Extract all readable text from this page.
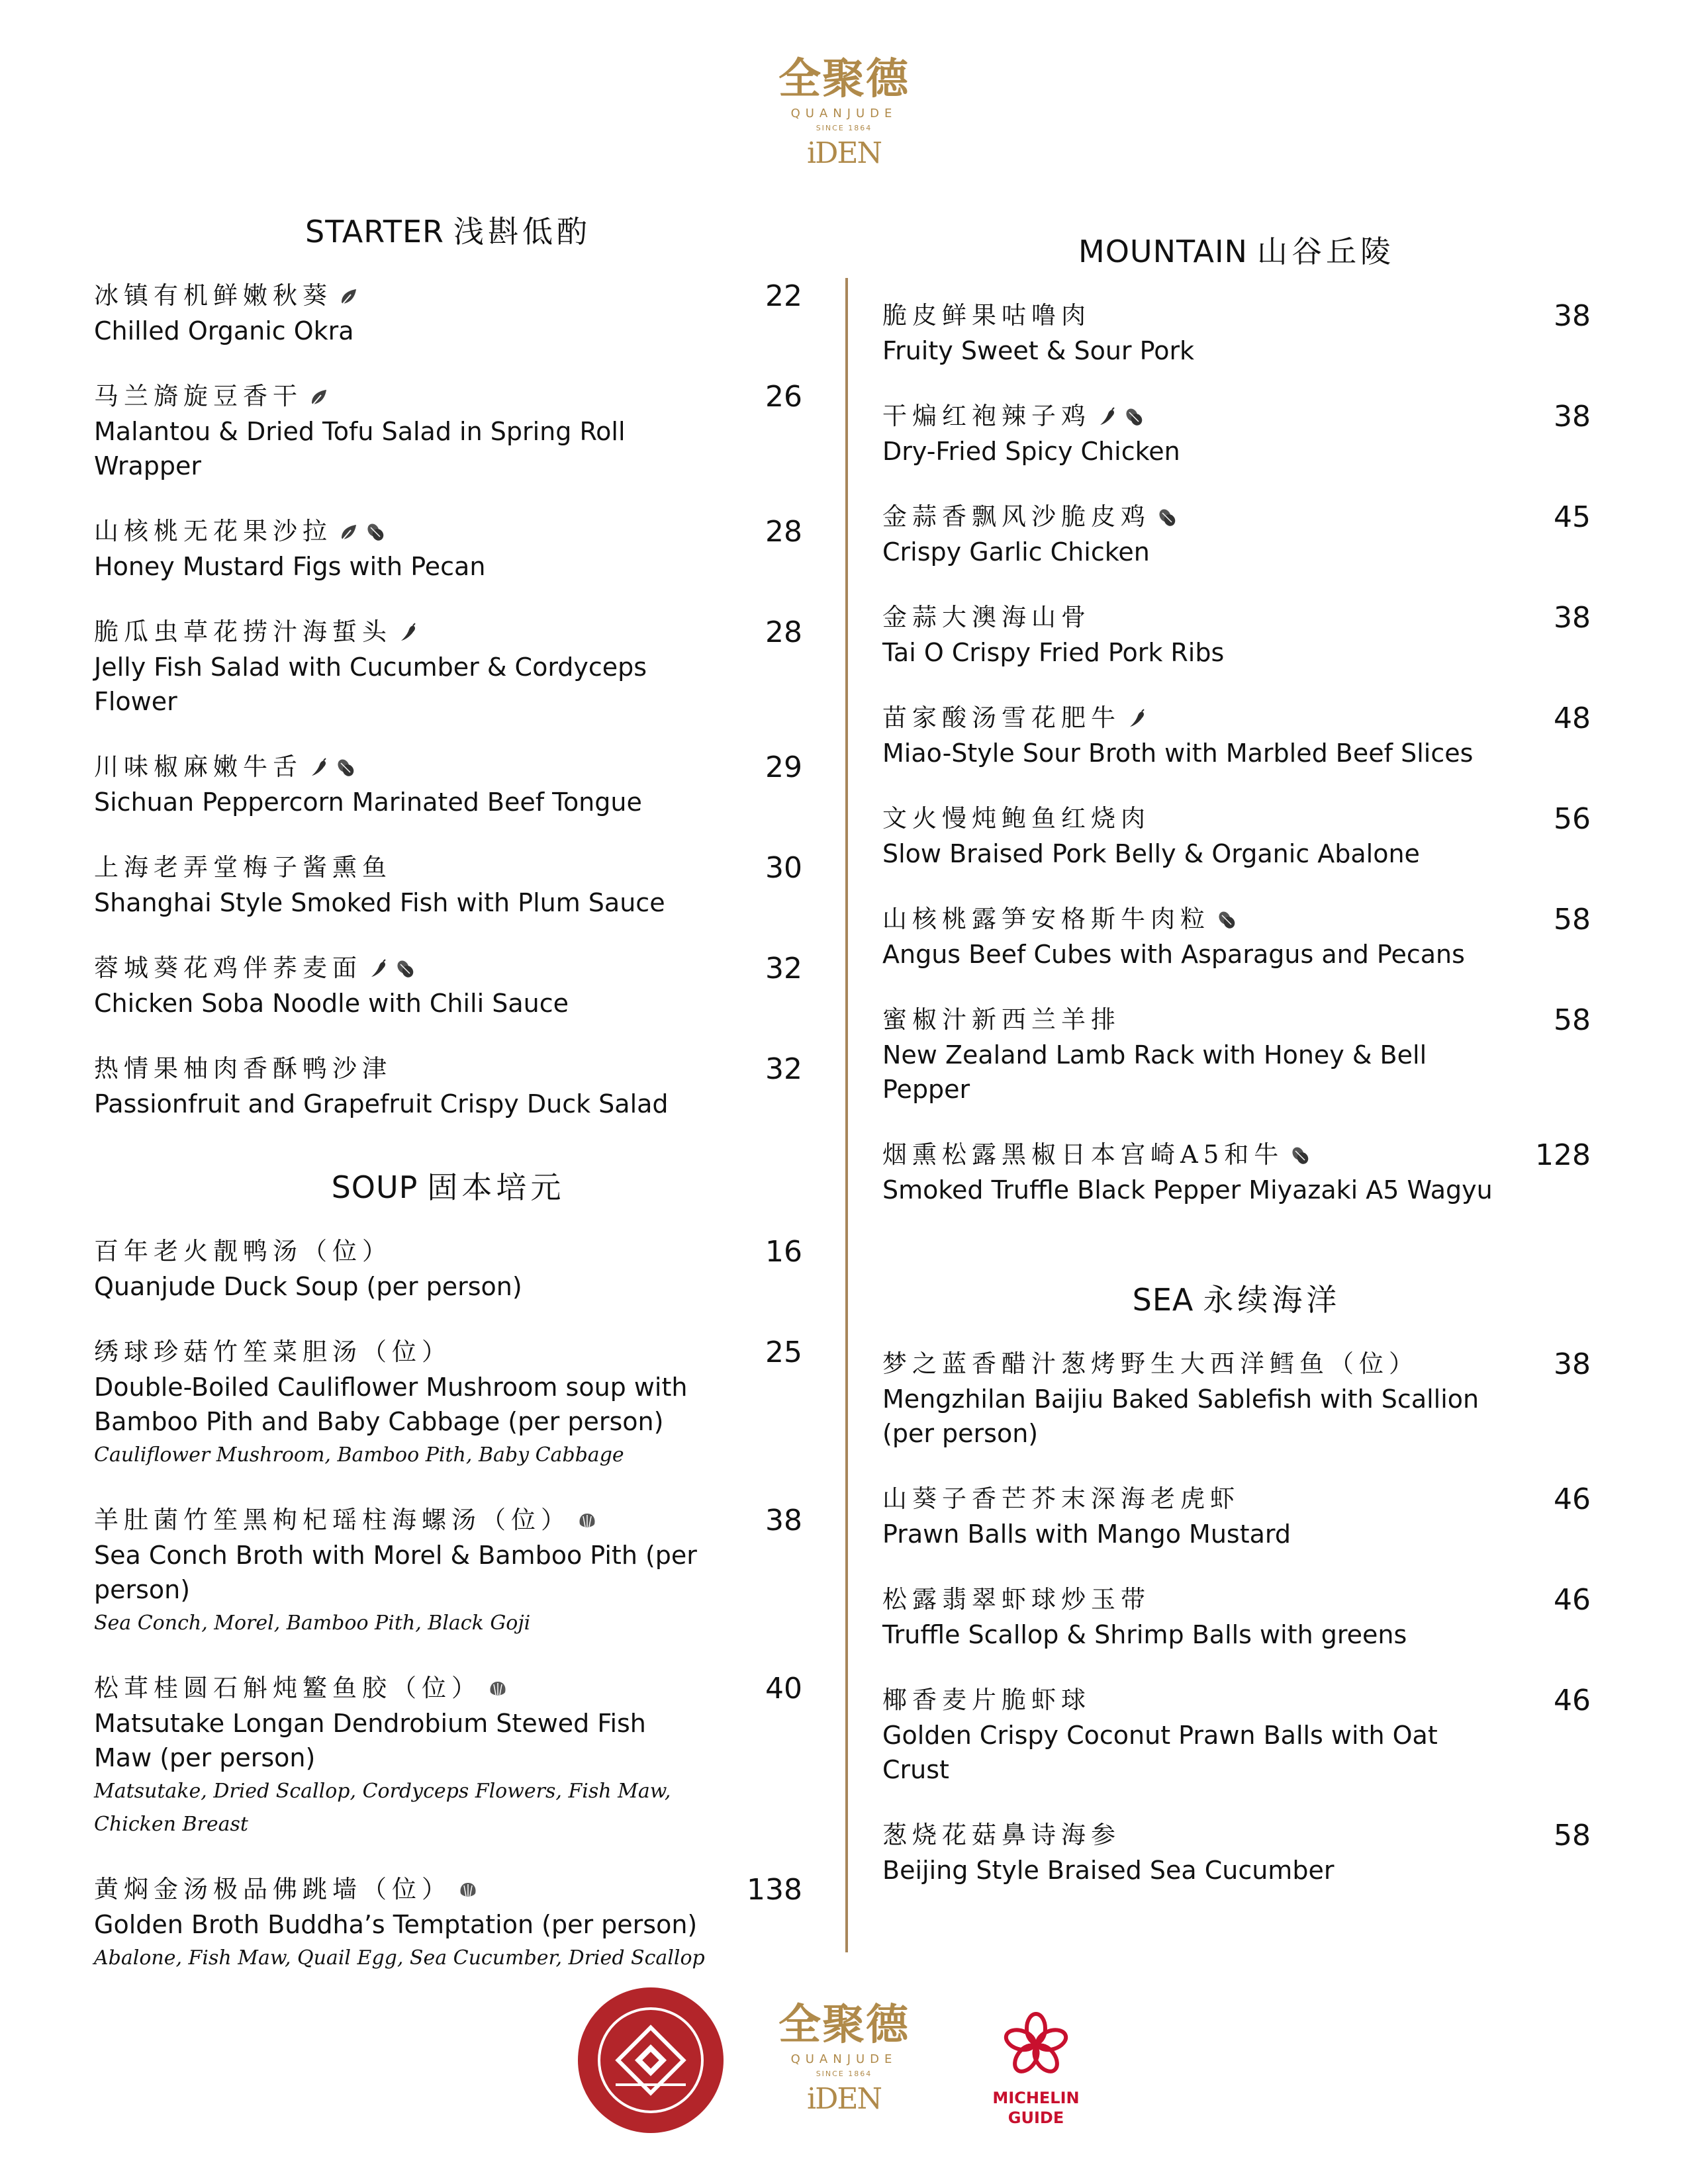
全聚德
QUANJUDE
SINCE 1864
iDEN
STARTER 浅斟低酌
冰镇有机鲜嫩秋葵
Chilled Organic Okra
22
马兰旖旋豆香干
Malantou & Dried Tofu Salad in Spring Roll Wrapper
26
山核桃无花果沙拉
Honey Mustard Figs with Pecan
28
脆瓜虫草花捞汁海蜇头
Jelly Fish Salad with Cucumber & Cordyceps Flower
28
川味椒麻嫩牛舌
Sichuan Peppercorn Marinated Beef Tongue
29
上海老弄堂梅子酱熏鱼
Shanghai Style Smoked Fish with Plum Sauce
30
蓉城葵花鸡伴荞麦面
Chicken Soba Noodle with Chili Sauce
32
热情果柚肉香酥鸭沙津
Passionfruit and Grapefruit Crispy Duck Salad
32
SOUP 固本培元
百年老火靓鸭汤（位）
Quanjude Duck Soup (per person)
16
绣球珍菇竹笙菜胆汤（位）
Double-Boiled Cauliflower Mushroom soup with Bamboo Pith and Baby Cabbage (per person)
Cauliflower Mushroom, Bamboo Pith, Baby Cabbage
25
羊肚菌竹笙黑枸杞瑶柱海螺汤（位）
Sea Conch Broth with Morel & Bamboo Pith (per person)
Sea Conch, Morel, Bamboo Pith, Black Goji
38
松茸桂圆石斛炖鳘鱼胶（位）
Matsutake Longan Dendrobium Stewed Fish Maw (per person)
Matsutake, Dried Scallop, Cordyceps Flowers, Fish Maw, Chicken Breast
40
黄焖金汤极品佛跳墙（位）
Golden Broth Buddha’s Temptation (per person)
Abalone, Fish Maw, Quail Egg, Sea Cucumber, Dried Scallop
138
MOUNTAIN 山谷丘陵
脆皮鲜果咕噜肉
Fruity Sweet & Sour Pork
38
干煸红袍辣子鸡
Dry-Fried Spicy Chicken
38
金蒜香飘风沙脆皮鸡
Crispy Garlic Chicken
45
金蒜大澳海山骨
Tai O Crispy Fried Pork Ribs
38
苗家酸汤雪花肥牛
Miao-Style Sour Broth with Marbled Beef Slices
48
文火慢炖鲍鱼红烧肉
Slow Braised Pork Belly & Organic Abalone
56
山核桃露笋安格斯牛肉粒
Angus Beef Cubes with Asparagus and Pecans
58
蜜椒汁新西兰羊排
New Zealand Lamb Rack with Honey & Bell Pepper
58
烟熏松露黑椒日本宫崎A5和牛
Smoked Truffle Black Pepper Miyazaki A5 Wagyu
128
SEA 永续海洋
梦之蓝香醋汁葱烤野生大西洋鳕鱼（位）
Mengzhilan Baijiu Baked Sablefish with Scallion (per person)
38
山葵子香芒芥末深海老虎虾
Prawn Balls with Mango Mustard
46
松露翡翠虾球炒玉带
Truffle Scallop & Shrimp Balls with greens
46
椰香麦片脆虾球
Golden Crispy Coconut Prawn Balls with Oat Crust
46
葱烧花菇鼻诗海参
Beijing Style Braised Sea Cucumber
58
全聚德
QUANJUDE
SINCE 1864
iDEN	MICHELIN GUIDE
